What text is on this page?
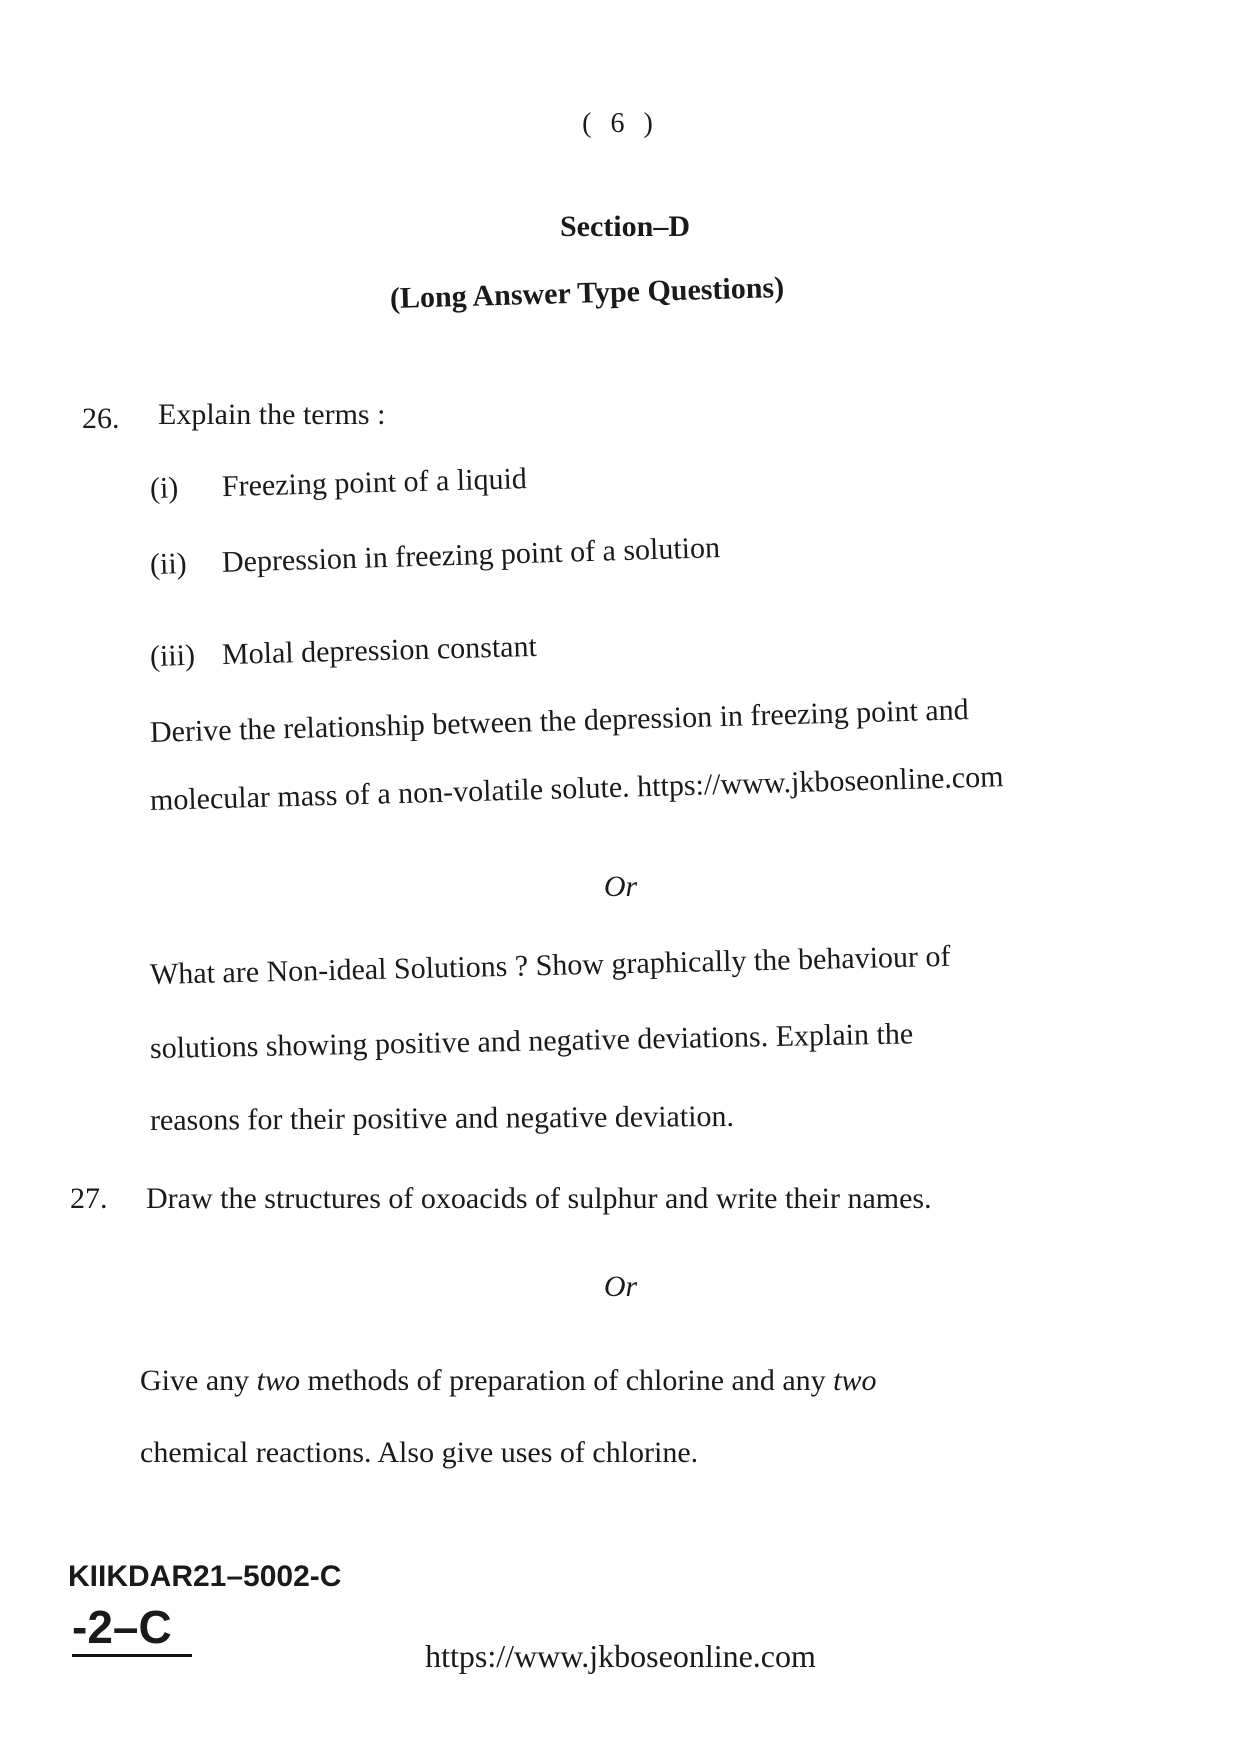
( 6 )
Section–D
(Long Answer Type Questions)
26. Explain the terms :
(i) Freezing point of a liquid
(ii) Depression in freezing point of a solution
(iii) Molal depression constant
Derive the relationship between the depression in freezing point and
molecular mass of a non-volatile solute. https://www.jkboseonline.com
Or
What are Non-ideal Solutions ? Show graphically the behaviour of
solutions showing positive and negative deviations. Explain the
reasons for their positive and negative deviation.
27. Draw the structures of oxoacids of sulphur and write their names.
Or
Give any two methods of preparation of chlorine and any two
chemical reactions. Also give uses of chlorine.
KIIKDAR21–5002-C
-2–C
https://www.jkboseonline.com
